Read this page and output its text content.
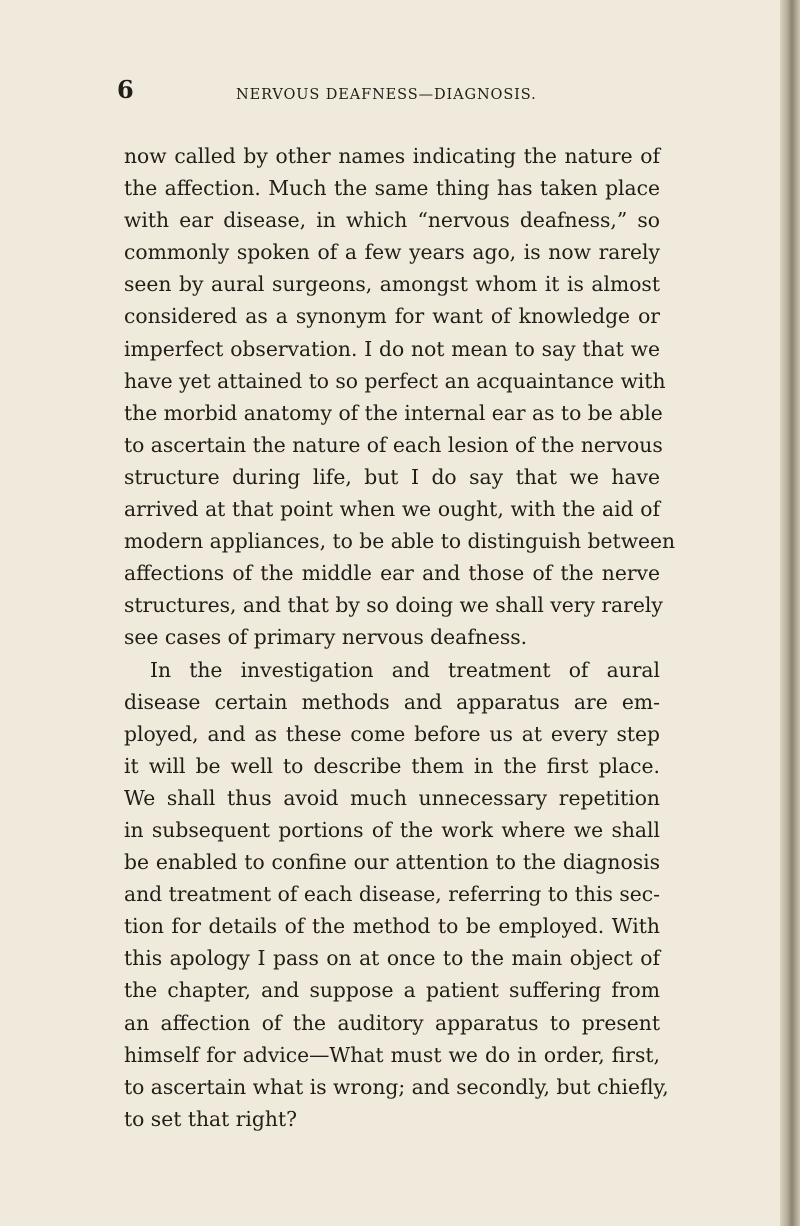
6	NERVOUS DEAFNESS—DIAGNOSIS.
now called by other names indicating the nature of
the affection. Much the same thing has taken place
with ear disease, in which “nervous deafness,” so
commonly spoken of a few years ago, is now rarely
seen by aural surgeons, amongst whom it is almost
considered as a synonym for want of knowledge or
imperfect observation. I do not mean to say that we
have yet attained to so perfect an acquaintance with
the morbid anatomy of the internal ear as to be able
to ascertain the nature of each lesion of the nervous
structure during life, but I do say that we have
arrived at that point when we ought, with the aid of
modern appliances, to be able to distinguish between
affections of the middle ear and those of the nerve
structures, and that by so doing we shall very rarely
see cases of primary nervous deafness.
In the investigation and treatment of aural
disease certain methods and apparatus are em-
ployed, and as these come before us at every step
it will be well to describe them in the first place.
We shall thus avoid much unnecessary repetition
in subsequent portions of the work where we shall
be enabled to confine our attention to the diagnosis
and treatment of each disease, referring to this sec-
tion for details of the method to be employed. With
this apology I pass on at once to the main object of
the chapter, and suppose a patient suffering from
an affection of the auditory apparatus to present
himself for advice—What must we do in order, first,
to ascertain what is wrong; and secondly, but chiefly,
to set that right?
